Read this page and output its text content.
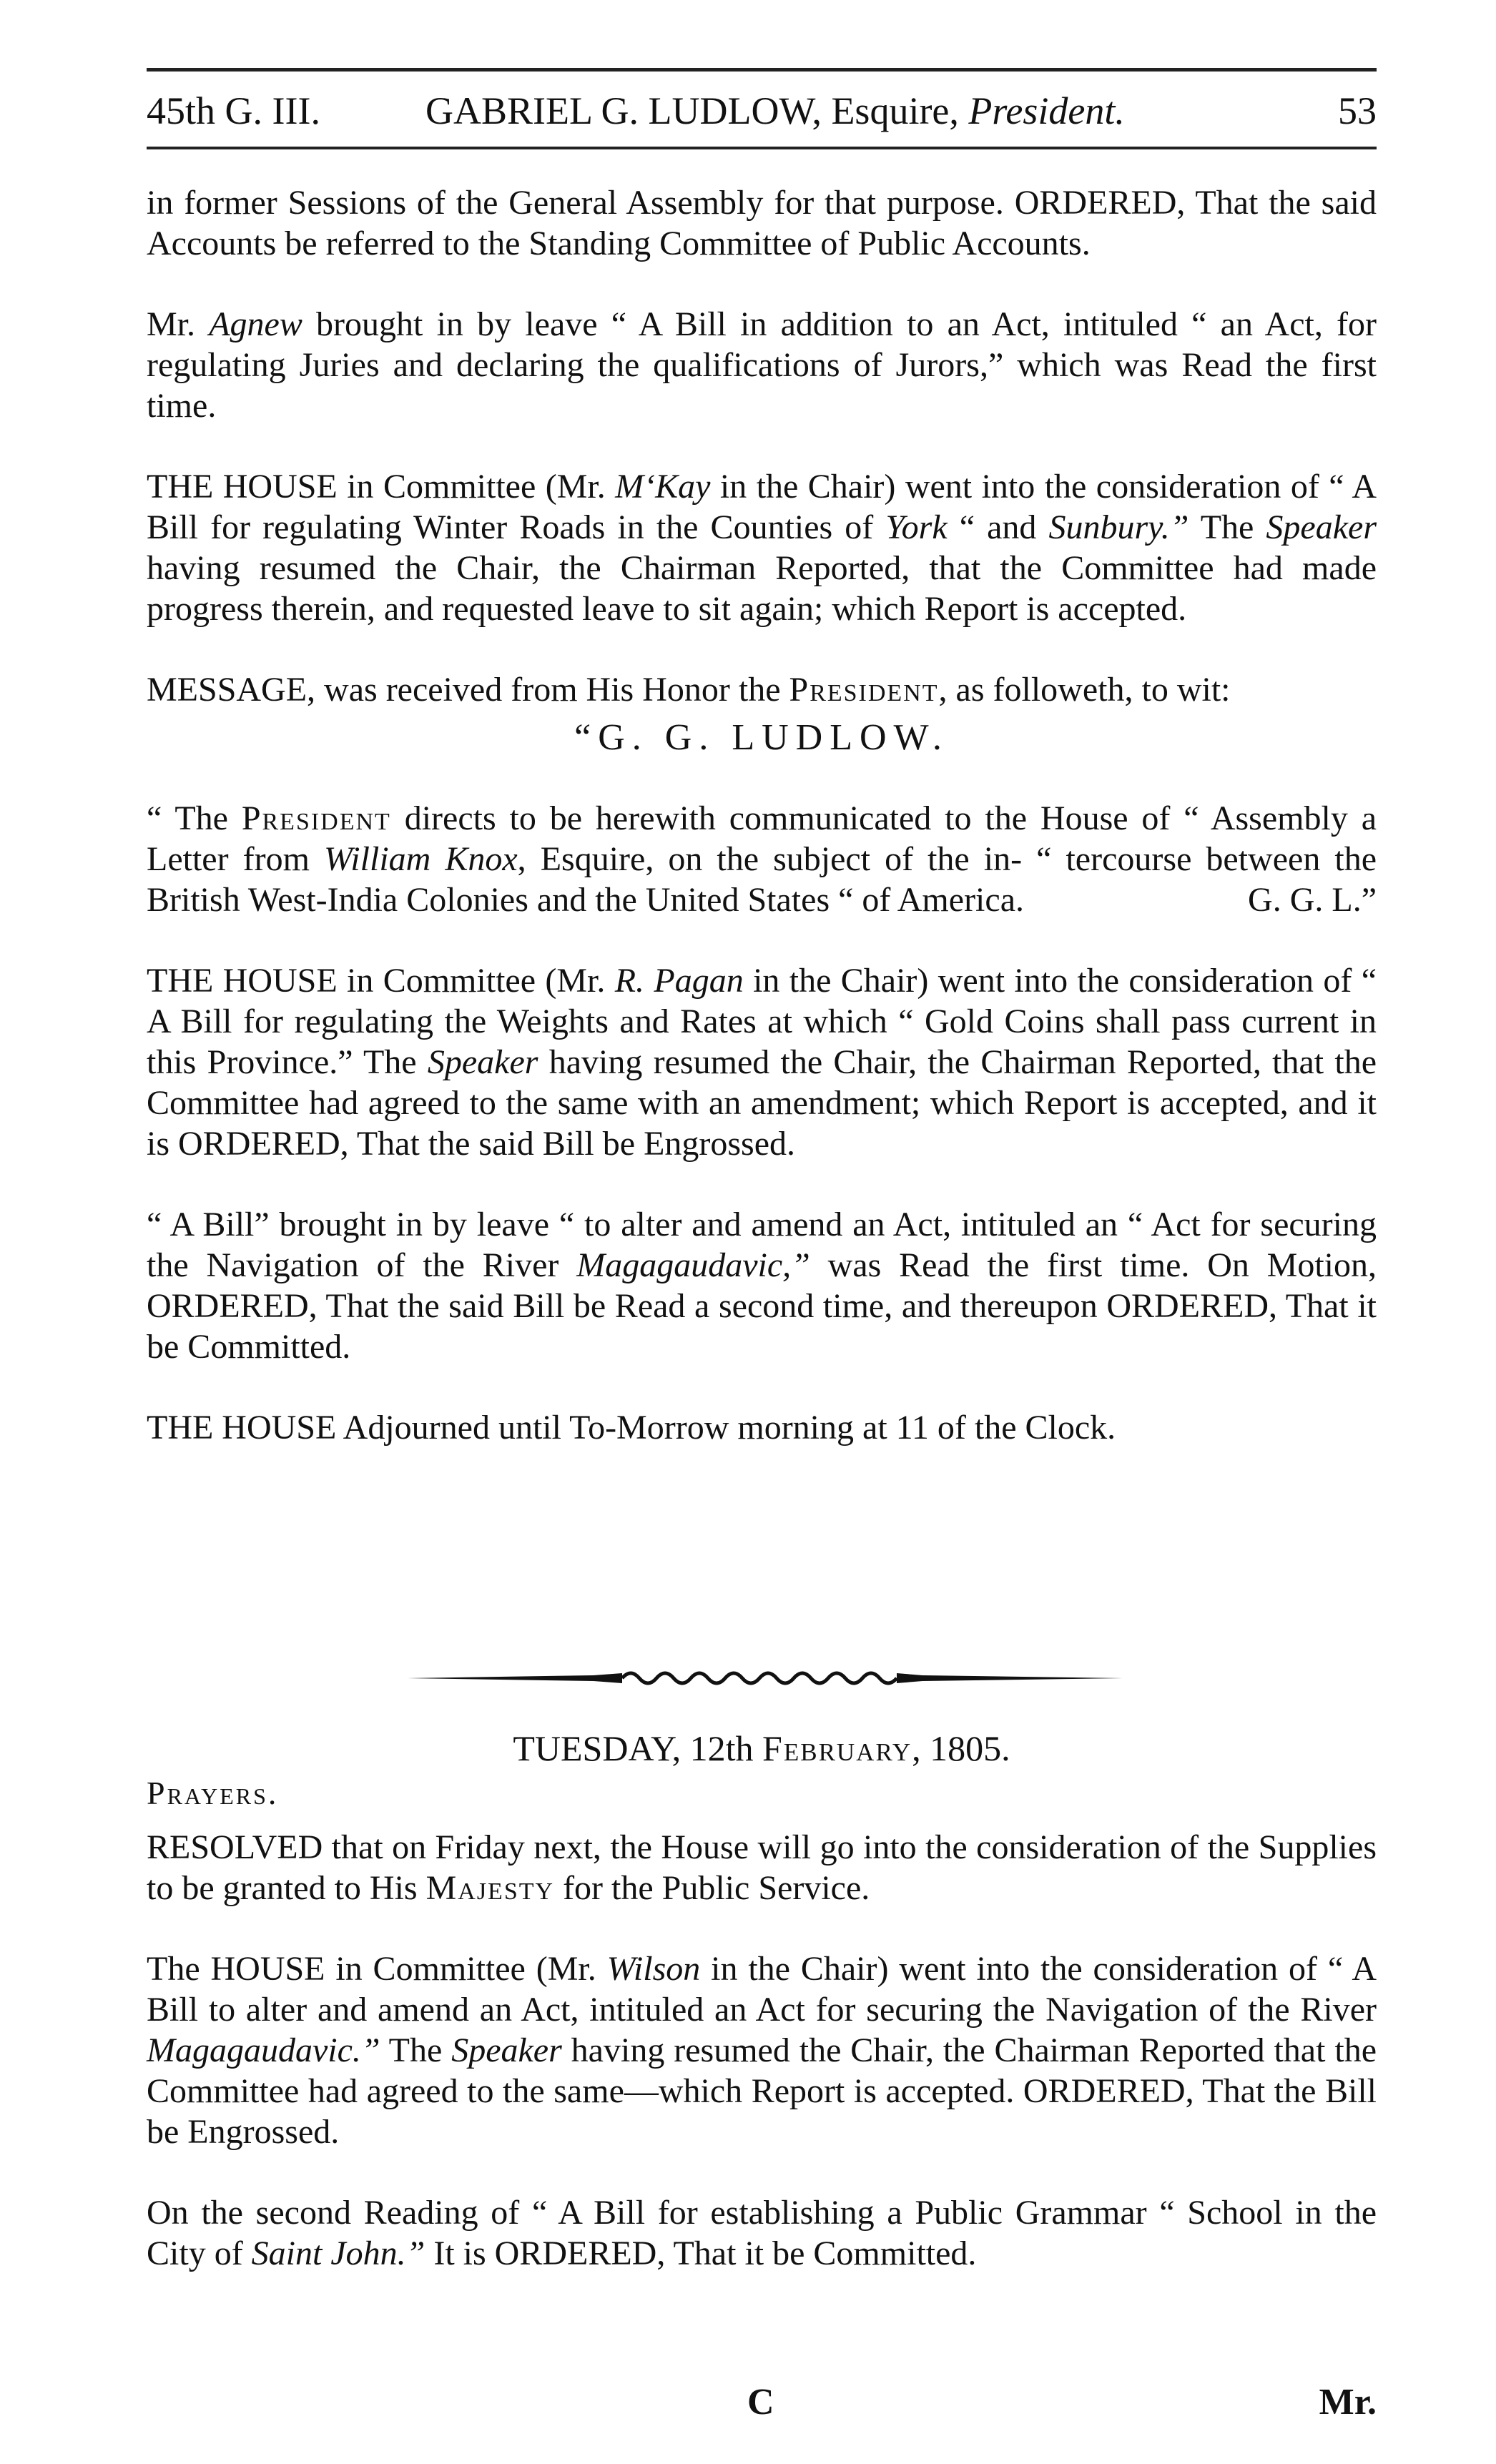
45th G. III.	GABRIEL G. LUDLOW, Esquire, President.	53

in former Sessions of the General Assembly for that purpose. ORDERED, That the said Accounts be referred to the Standing Committee of Public Accounts.

Mr. Agnew brought in by leave “ A Bill in addition to an Act, intituled “ an Act, for regulating Juries and declaring the qualifications of Jurors,” which was Read the first time.

THE HOUSE in Committee (Mr. M‘Kay in the Chair) went into the consideration of “ A Bill for regulating Winter Roads in the Counties of York “ and Sunbury.” The Speaker having resumed the Chair, the Chairman Reported, that the Committee had made progress therein, and requested leave to sit again; which Report is accepted.

MESSAGE, was received from His Honor the President, as followeth, to wit:

“G. G. LUDLOW.

“ The President directs to be herewith communicated to the House of “ Assembly a Letter from William Knox, Esquire, on the subject of the in- “ tercourse between the British West-India Colonies and the United States “ of America.	G. G. L.”

THE HOUSE in Committee (Mr. R. Pagan in the Chair) went into the consideration of “ A Bill for regulating the Weights and Rates at which “ Gold Coins shall pass current in this Province.” The Speaker having resumed the Chair, the Chairman Reported, that the Committee had agreed to the same with an amendment; which Report is accepted, and it is ORDERED, That the said Bill be Engrossed.

“ A Bill” brought in by leave “ to alter and amend an Act, intituled an “ Act for securing the Navigation of the River Magagaudavic,” was Read the first time. On Motion, ORDERED, That the said Bill be Read a second time, and thereupon ORDERED, That it be Committed.

THE HOUSE Adjourned until To-Morrow morning at 11 of the Clock.

TUESDAY, 12th February, 1805.
Prayers.

RESOLVED that on Friday next, the House will go into the consideration of the Supplies to be granted to His Majesty for the Public Service.

The HOUSE in Committee (Mr. Wilson in the Chair) went into the consideration of “ A Bill to alter and amend an Act, intituled an Act for securing the Navigation of the River Magagaudavic.” The Speaker having resumed the Chair, the Chairman Reported that the Committee had agreed to the same—which Report is accepted. ORDERED, That the Bill be Engrossed.

On the second Reading of “ A Bill for establishing a Public Grammar “ School in the City of Saint John.” It is ORDERED, That it be Committed.

C	Mr.
